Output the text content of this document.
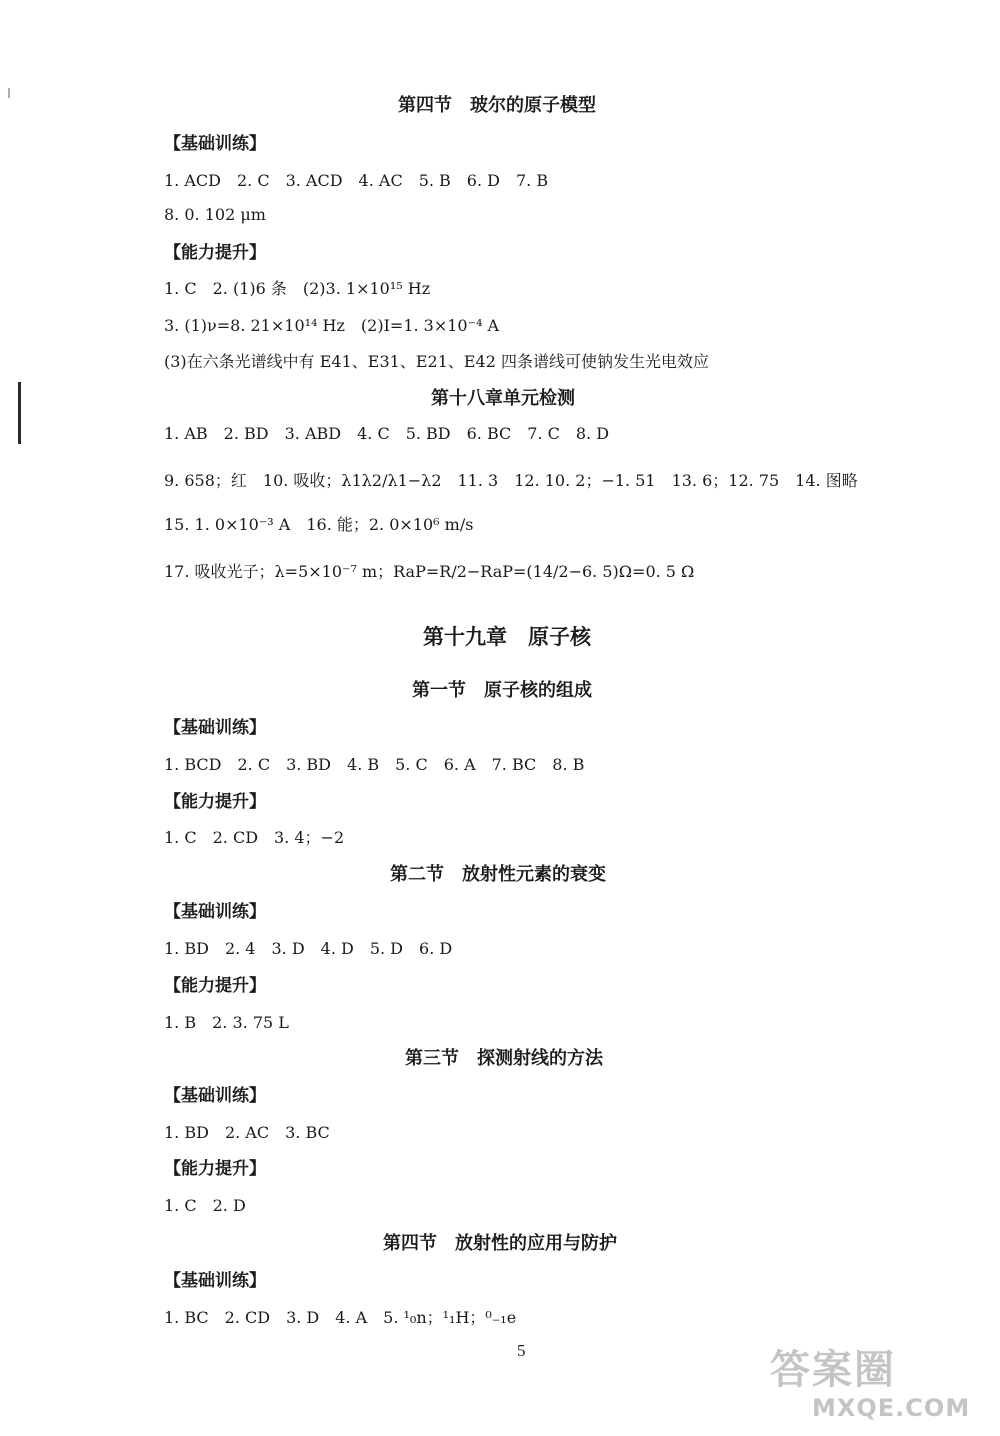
第四节　玻尔的原子模型
【基础训练】
1. ACD　2. C　3. ACD　4. AC　5. B　6. D　7. B
8. 0. 102 μm
【能力提升】
1. C　2. (1)6 条　(2)3. 1×10¹⁵ Hz
3. (1)ν=8. 21×10¹⁴ Hz　(2)I=1. 3×10⁻⁴ A
(3)在六条光谱线中有 E41、E31、E21、E42 四条谱线可使钠发生光电效应
第十八章单元检测
1. AB　2. BD　3. ABD　4. C　5. BD　6. BC　7. C　8. D
9. 658；红　10. 吸收；λ1λ2/λ1−λ2　11. 3　12. 10. 2；−1. 51　13. 6；12. 75　14. 图略
15. 1. 0×10⁻³ A　16. 能；2. 0×10⁶ m/s
17. 吸收光子；λ=5×10⁻⁷ m；RaP=R/2−RaP=(14/2−6. 5)Ω=0. 5 Ω
第十九章　原子核
第一节　原子核的组成
【基础训练】
1. BCD　2. C　3. BD　4. B　5. C　6. A　7. BC　8. B
【能力提升】
1. C　2. CD　3. 4；−2
第二节　放射性元素的衰变
【基础训练】
1. BD　2. 4　3. D　4. D　5. D　6. D
【能力提升】
1. B　2. 3. 75 L
第三节　探测射线的方法
【基础训练】
1. BD　2. AC　3. BC
【能力提升】
1. C　2. D
第四节　放射性的应用与防护
【基础训练】
1. BC　2. CD　3. D　4. A　5. ¹₀n；¹₁H；⁰₋₁e
5	答案圈
MXQE.COM
